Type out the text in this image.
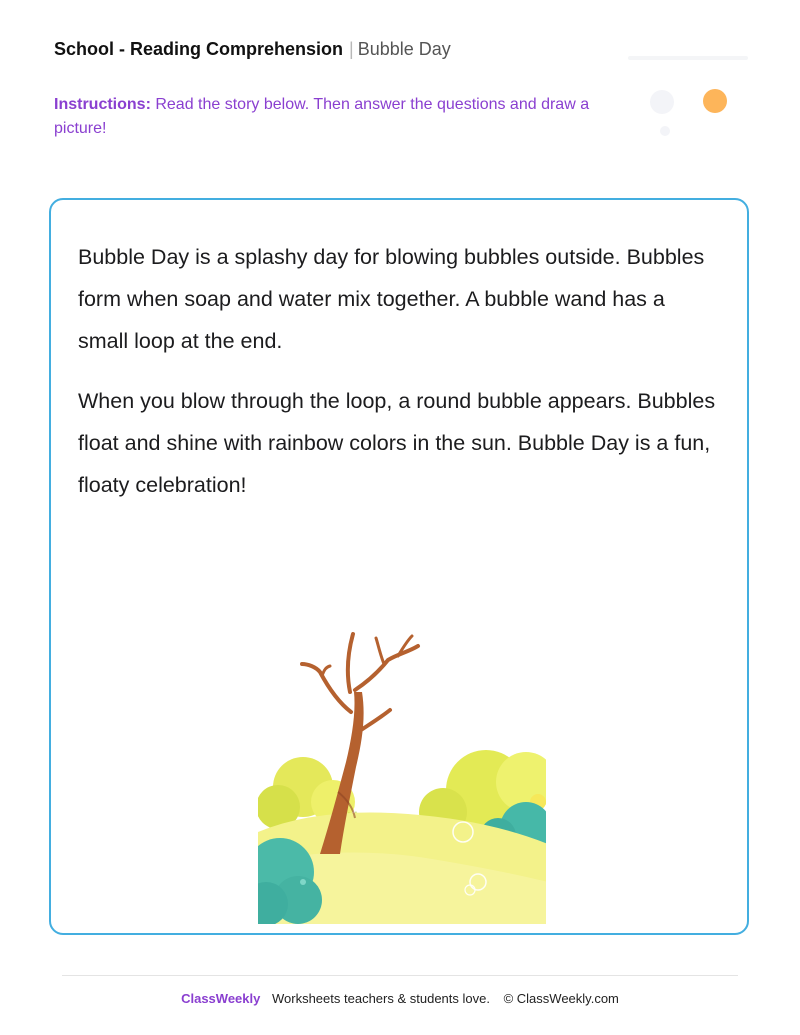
School - Reading Comprehension | Bubble Day
Instructions: Read the story below. Then answer the questions and draw a picture!

Bubble Day is a splashy day for blowing bubbles outside. Bubbles form when soap and water mix together. A bubble wand has a small loop at the end.

When you blow through the loop, a round bubble appears. Bubbles float and shine with rainbow colors in the sun. Bubble Day is a fun, floaty celebration!

ClassWeekly Worksheets teachers & students love. © ClassWeekly.com
